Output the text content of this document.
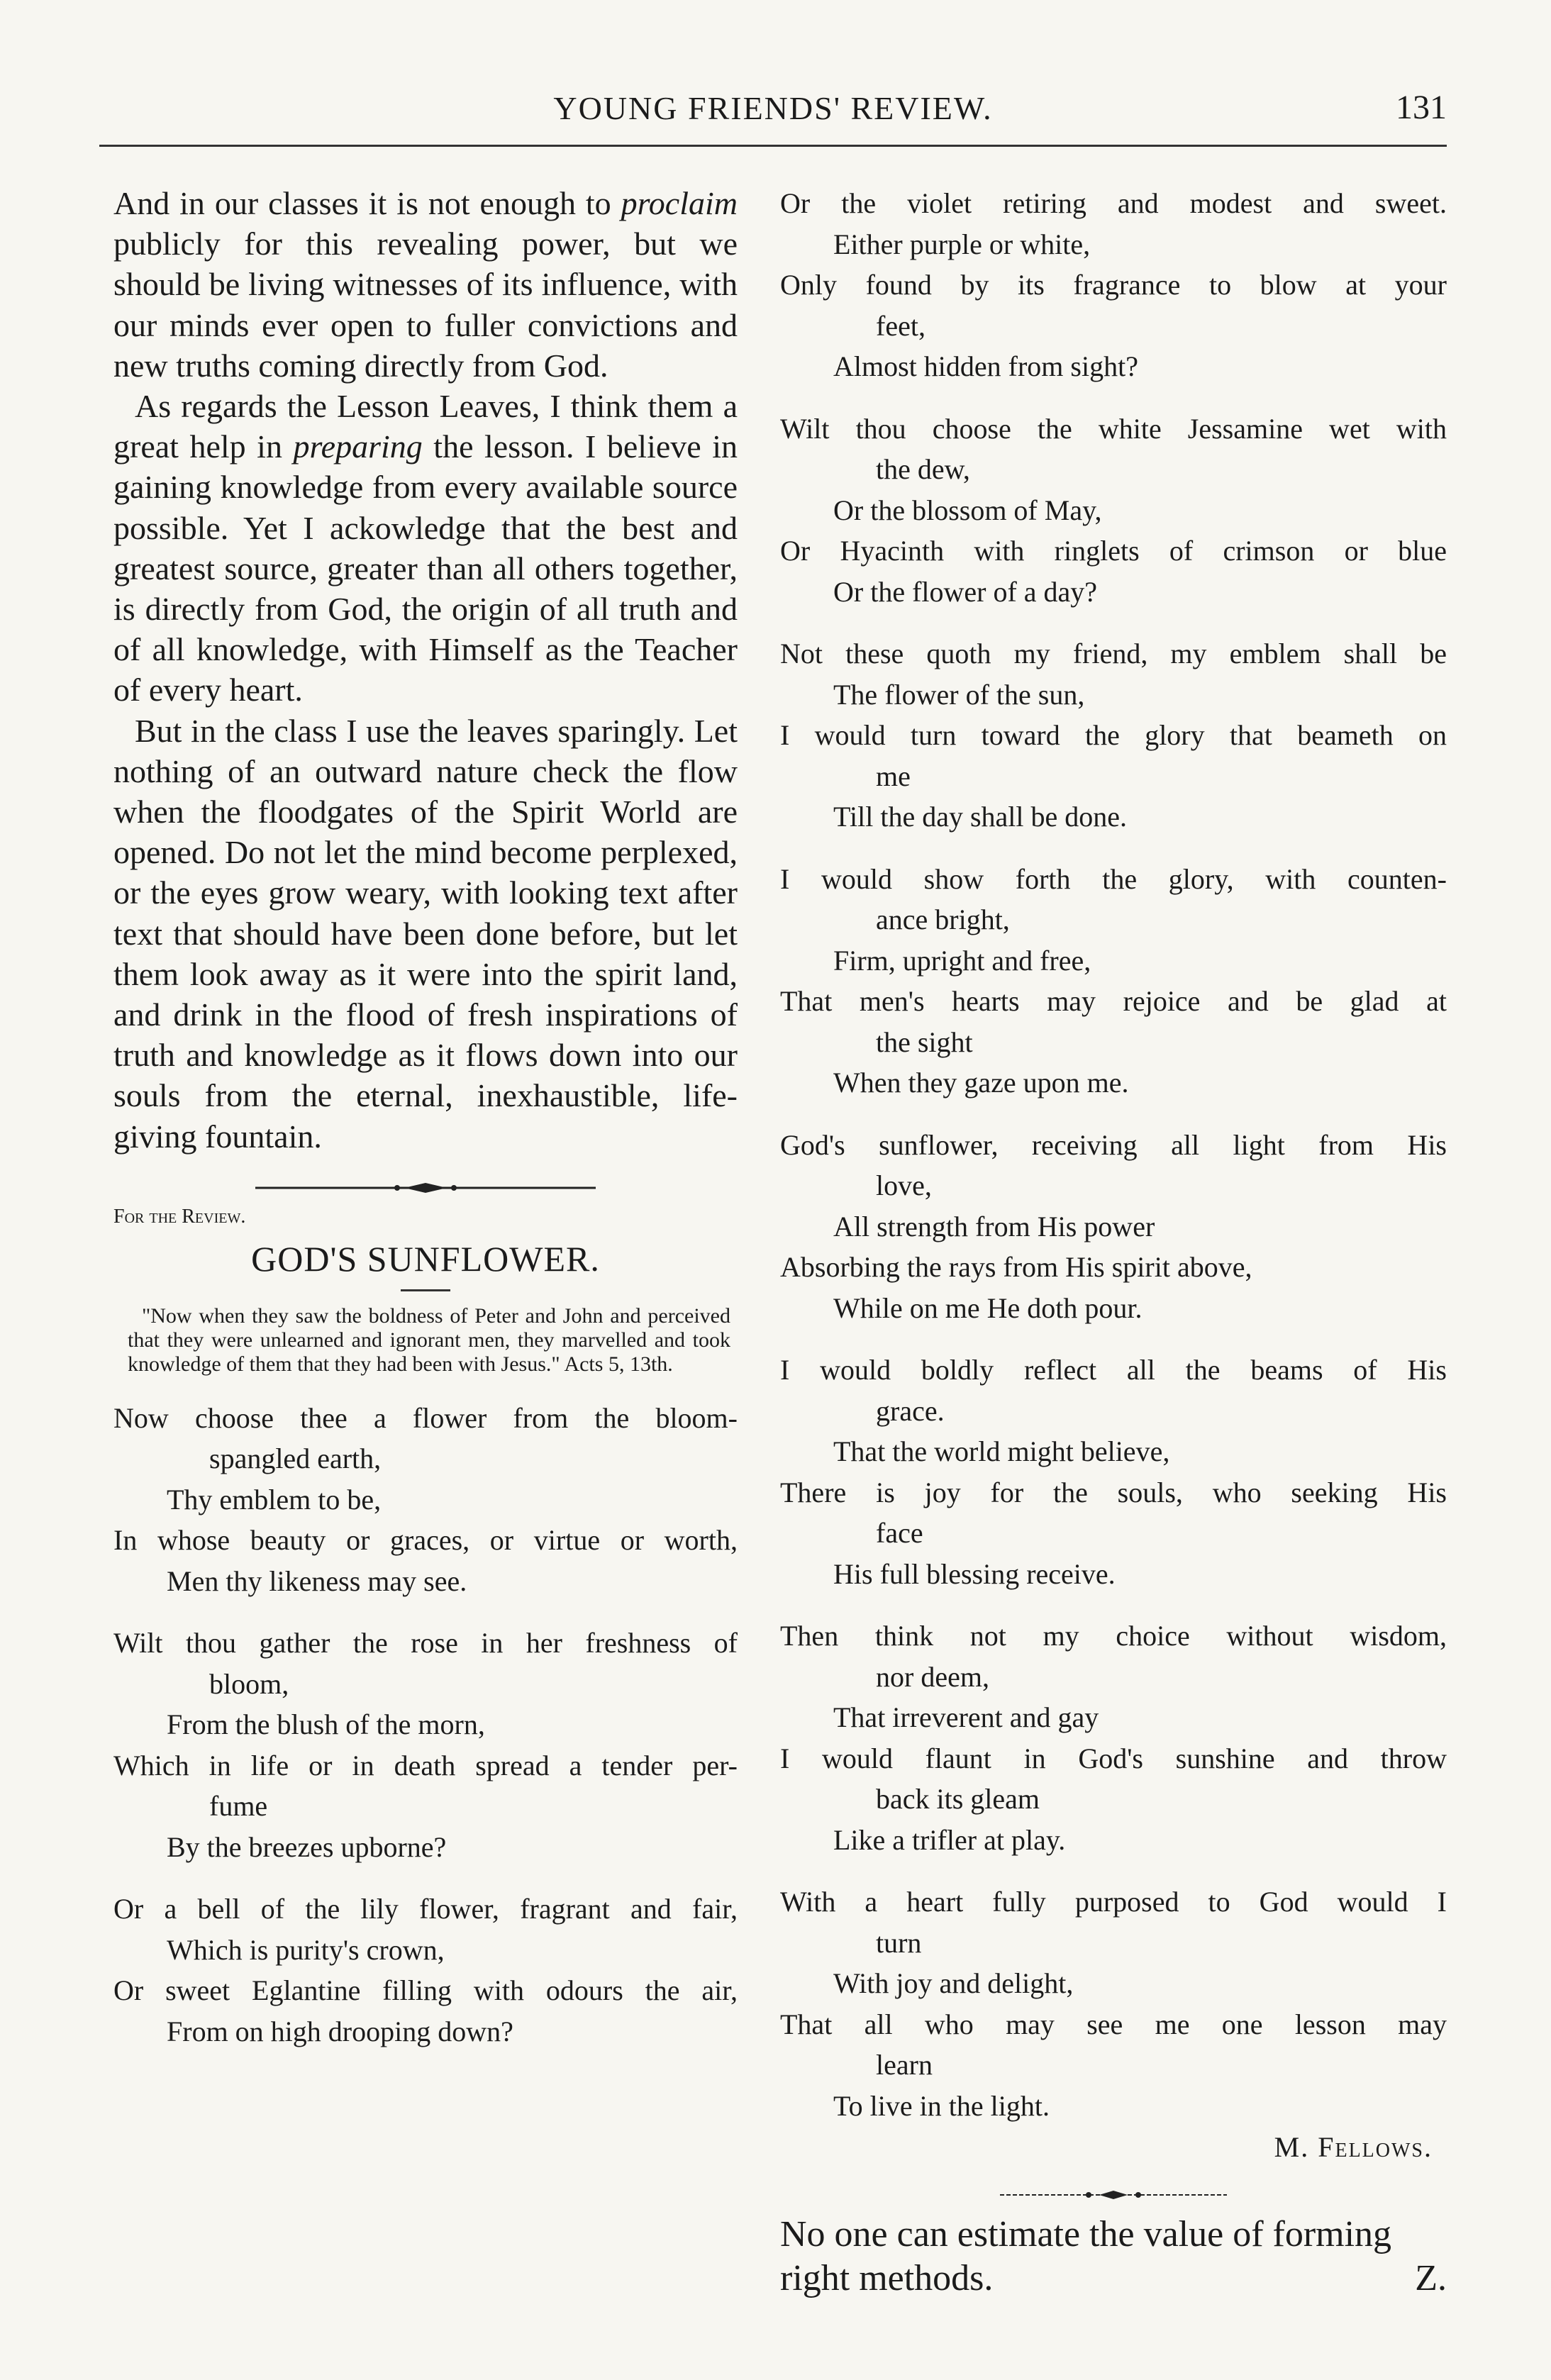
YOUNG FRIENDS' REVIEW.	131

And in our classes it is not enough to proclaim publicly for this revealing power, but we should be living witnesses of its influence, with our minds ever open to fuller convictions and new truths coming directly from God.

As regards the Lesson Leaves, I think them a great help in preparing the lesson. I believe in gaining knowledge from every available source possible. Yet I ackowledge that the best and greatest source, greater than all others together, is directly from God, the origin of all truth and of all knowledge, with Himself as the Teacher of every heart.

But in the class I use the leaves sparingly. Let nothing of an outward nature check the flow when the floodgates of the Spirit World are opened. Do not let the mind become perplexed, or the eyes grow weary, with looking text after text that should have been done before, but let them look away as it were into the spirit land, and drink in the flood of fresh inspirations of truth and knowledge as it flows down into our souls from the eternal, inexhaustible, life-giving fountain.

For the Review.
GOD'S SUNFLOWER.
"Now when they saw the boldness of Peter and John and perceived that they were unlearned and ignorant men, they marvelled and took knowledge of them that they had been with Jesus." Acts 5, 13th.
Now choose thee a flower from the bloom-
spangled earth,
Thy emblem to be,
In whose beauty or graces, or virtue or worth,
Men thy likeness may see.
Wilt thou gather the rose in her freshness of
bloom,
From the blush of the morn,
Which in life or in death spread a tender per-
fume
By the breezes upborne?
Or a bell of the lily flower, fragrant and fair,
Which is purity's crown,
Or sweet Eglantine filling with odours the air,
From on high drooping down?
Or the violet retiring and modest and sweet.
Either purple or white,
Only found by its fragrance to blow at your
feet,
Almost hidden from sight?
Wilt thou choose the white Jessamine wet with
the dew,
Or the blossom of May,
Or Hyacinth with ringlets of crimson or blue
Or the flower of a day?
Not these quoth my friend, my emblem shall be
The flower of the sun,
I would turn toward the glory that beameth on
me
Till the day shall be done.
I would show forth the glory, with counten-
ance bright,
Firm, upright and free,
That men's hearts may rejoice and be glad at
the sight
When they gaze upon me.
God's sunflower, receiving all light from His
love,
All strength from His power
Absorbing the rays from His spirit above,
While on me He doth pour.
I would boldly reflect all the beams of His
grace.
That the world might believe,
There is joy for the souls, who seeking His
face
His full blessing receive.
Then think not my choice without wisdom,
nor deem,
That irreverent and gay
I would flaunt in God's sunshine and throw
back its gleam
Like a trifler at play.
With a heart fully purposed to God would I
turn
With joy and delight,
That all who may see me one lesson may
learn
To live in the light.
M. Fellows.
No one can estimate the value of forming right methods.	Z.
